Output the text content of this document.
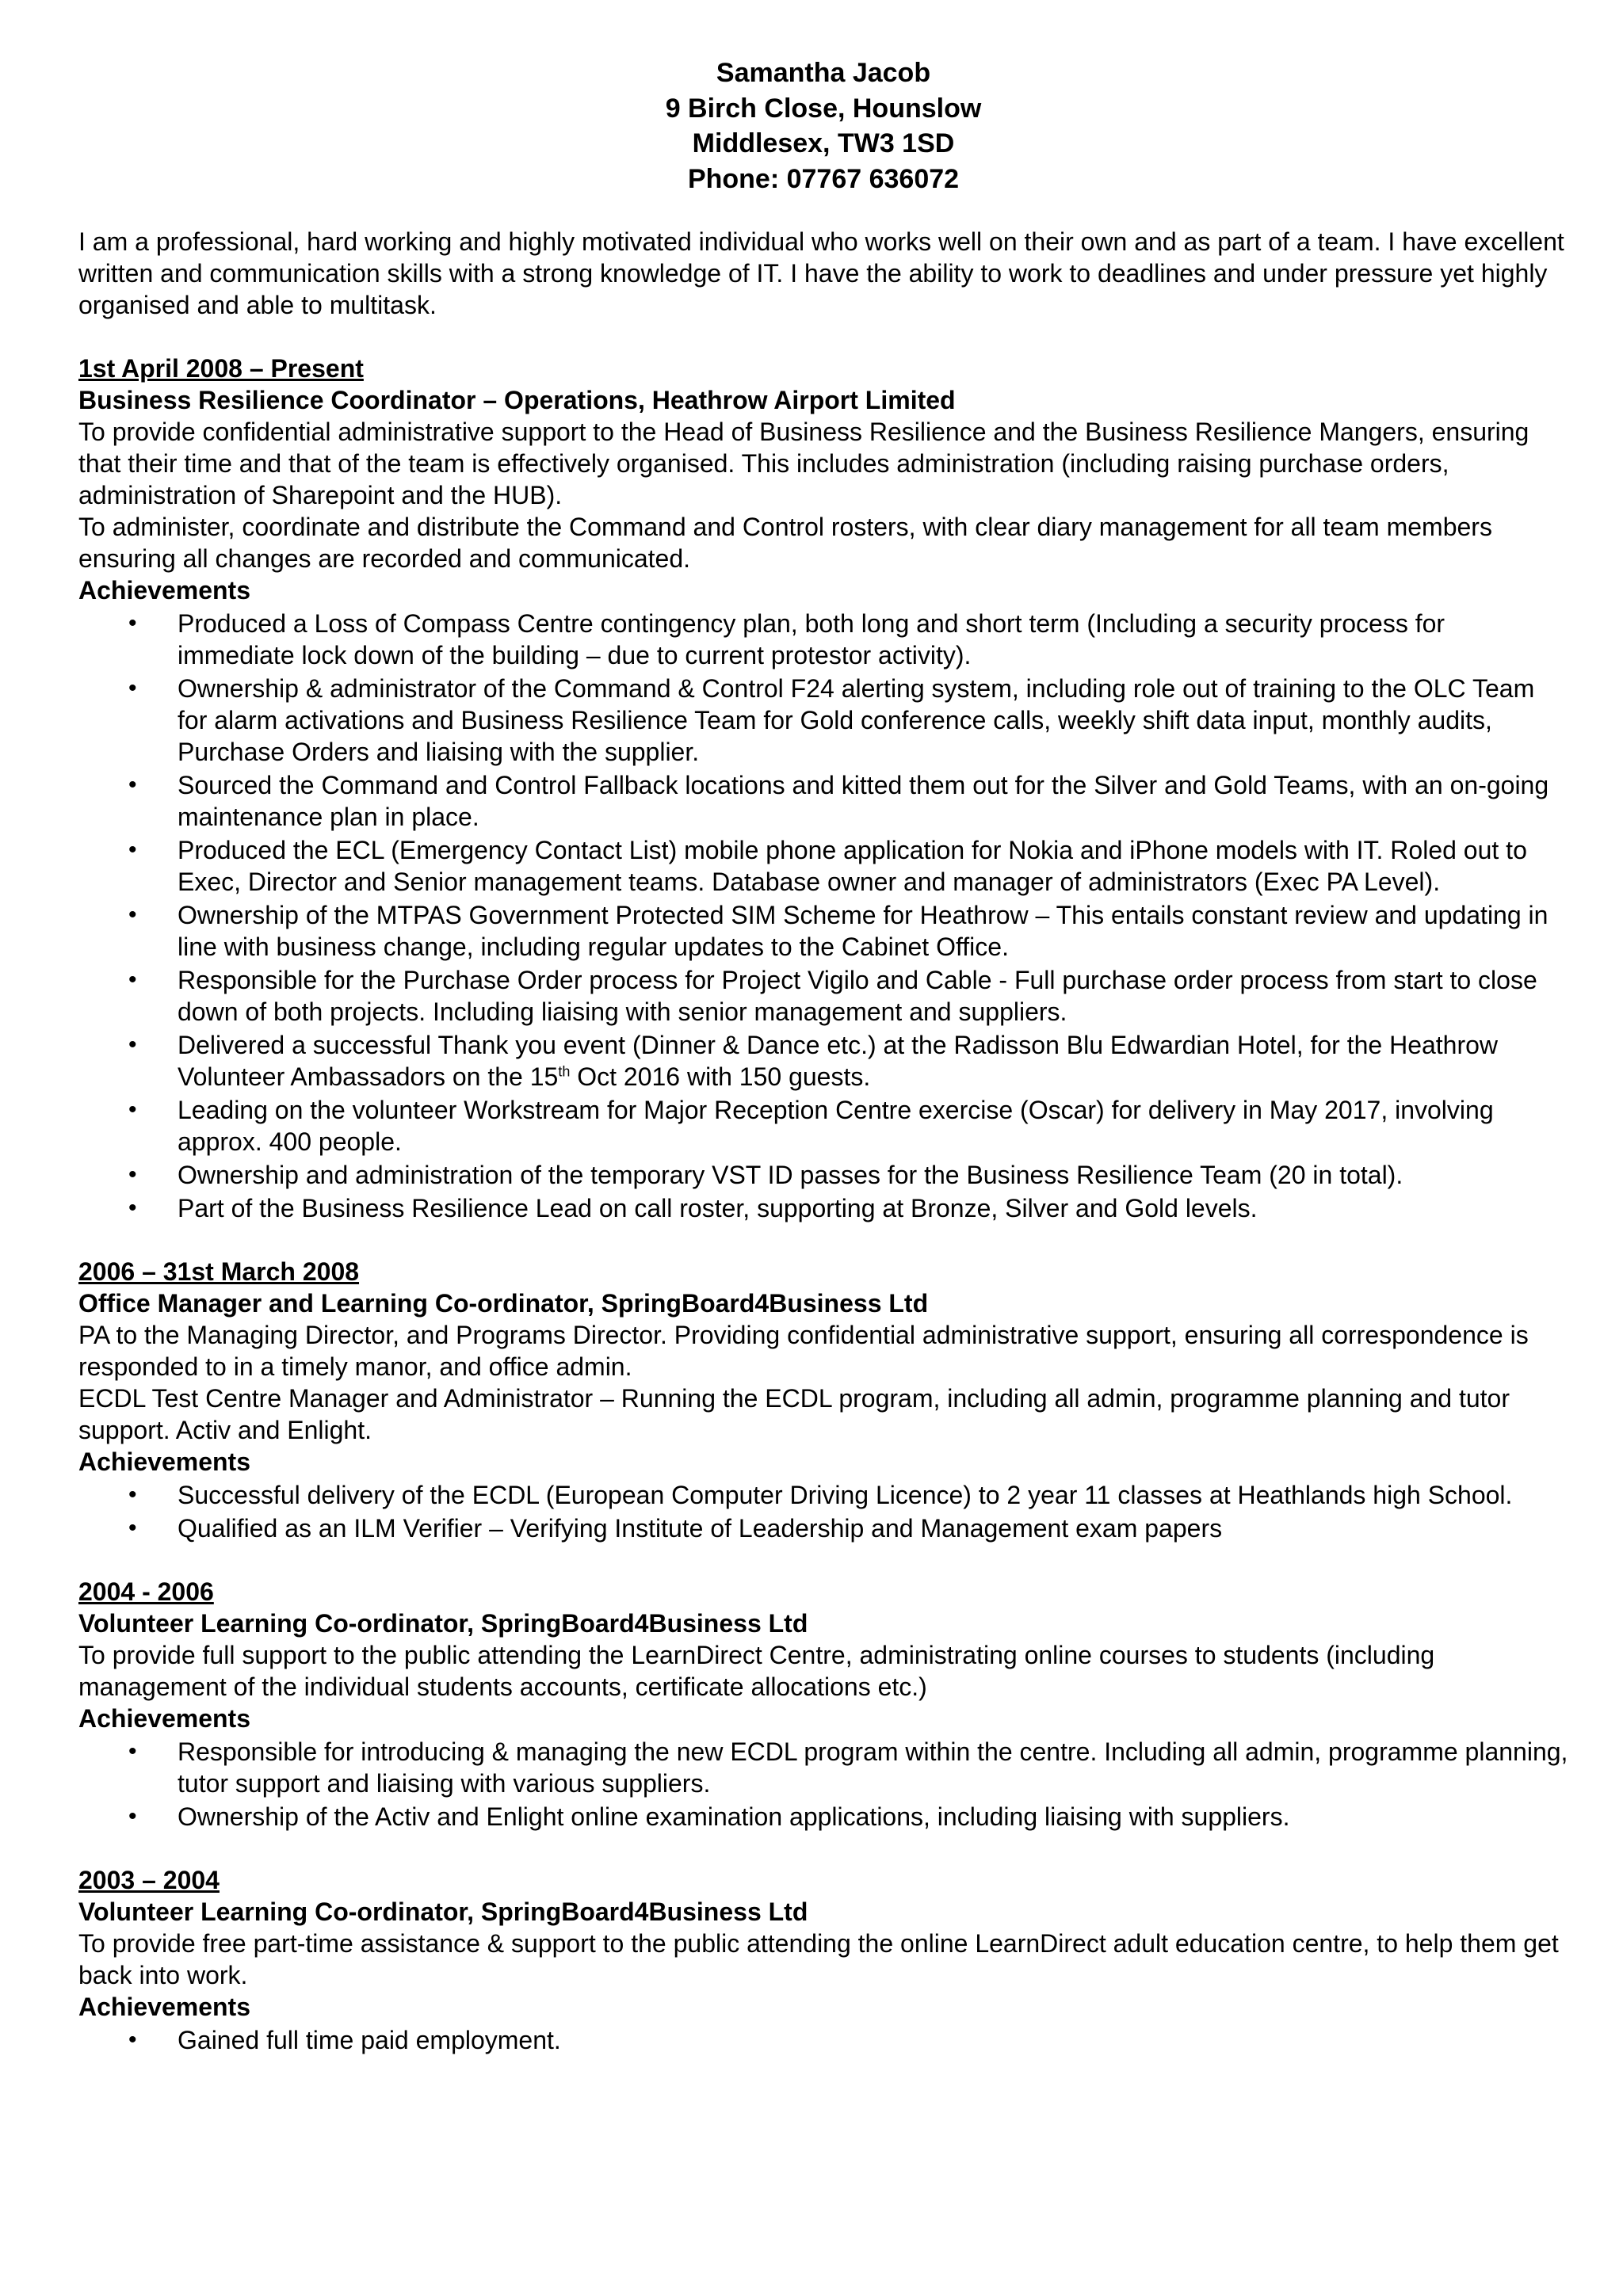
Samantha Jacob
9 Birch Close, Hounslow
Middlesex, TW3 1SD
Phone: 07767 636072

I am a professional, hard working and highly motivated individual who works well on their own and as part of a team. I have excellent written and communication skills with a strong knowledge of IT. I have the ability to work to deadlines and under pressure yet highly organised and able to multitask.

1st April 2008 – Present
Business Resilience Coordinator – Operations, Heathrow Airport Limited

To provide confidential administrative support to the Head of Business Resilience and the Business Resilience Mangers, ensuring that their time and that of the team is effectively organised. This includes administration (including raising purchase orders, administration of Sharepoint and the HUB).

To administer, coordinate and distribute the Command and Control rosters, with clear diary management for all team members ensuring all changes are recorded and communicated.

Achievements
• Produced a Loss of Compass Centre contingency plan, both long and short term (Including a security process for immediate lock down of the building – due to current protestor activity).
• Ownership & administrator of the Command & Control F24 alerting system, including role out of training to the OLC Team for alarm activations and Business Resilience Team for Gold conference calls, weekly shift data input, monthly audits, Purchase Orders and liaising with the supplier.
• Sourced the Command and Control Fallback locations and kitted them out for the Silver and Gold Teams, with an on-going maintenance plan in place.
• Produced the ECL (Emergency Contact List) mobile phone application for Nokia and iPhone models with IT. Roled out to Exec, Director and Senior management teams. Database owner and manager of administrators (Exec PA Level).
• Ownership of the MTPAS Government Protected SIM Scheme for Heathrow – This entails constant review and updating in line with business change, including regular updates to the Cabinet Office.
• Responsible for the Purchase Order process for Project Vigilo and Cable - Full purchase order process from start to close down of both projects. Including liaising with senior management and suppliers.
• Delivered a successful Thank you event (Dinner & Dance etc.) at the Radisson Blu Edwardian Hotel, for the Heathrow Volunteer Ambassadors on the 15th Oct 2016 with 150 guests.
• Leading on the volunteer Workstream for Major Reception Centre exercise (Oscar) for delivery in May 2017, involving approx. 400 people.
• Ownership and administration of the temporary VST ID passes for the Business Resilience Team (20 in total).
• Part of the Business Resilience Lead on call roster, supporting at Bronze, Silver and Gold levels.
2006 – 31st March 2008
Office Manager and Learning Co-ordinator, SpringBoard4Business Ltd

PA to the Managing Director, and Programs Director. Providing confidential administrative support, ensuring all correspondence is responded to in a timely manor, and office admin.

ECDL Test Centre Manager and Administrator – Running the ECDL program, including all admin, programme planning and tutor support. Activ and Enlight.

Achievements
• Successful delivery of the ECDL (European Computer Driving Licence) to 2 year 11 classes at Heathlands high School.
• Qualified as an ILM Verifier – Verifying Institute of Leadership and Management exam papers
2004 - 2006
Volunteer Learning Co-ordinator, SpringBoard4Business Ltd

To provide full support to the public attending the LearnDirect Centre, administrating online courses to students (including management of the individual students accounts, certificate allocations etc.)

Achievements
• Responsible for introducing & managing the new ECDL program within the centre. Including all admin, programme planning, tutor support and liaising with various suppliers.
• Ownership of the Activ and Enlight online examination applications, including liaising with suppliers.
2003 – 2004
Volunteer Learning Co-ordinator, SpringBoard4Business Ltd

To provide free part-time assistance & support to the public attending the online LearnDirect adult education centre, to help them get back into work.

Achievements
• Gained full time paid employment.
